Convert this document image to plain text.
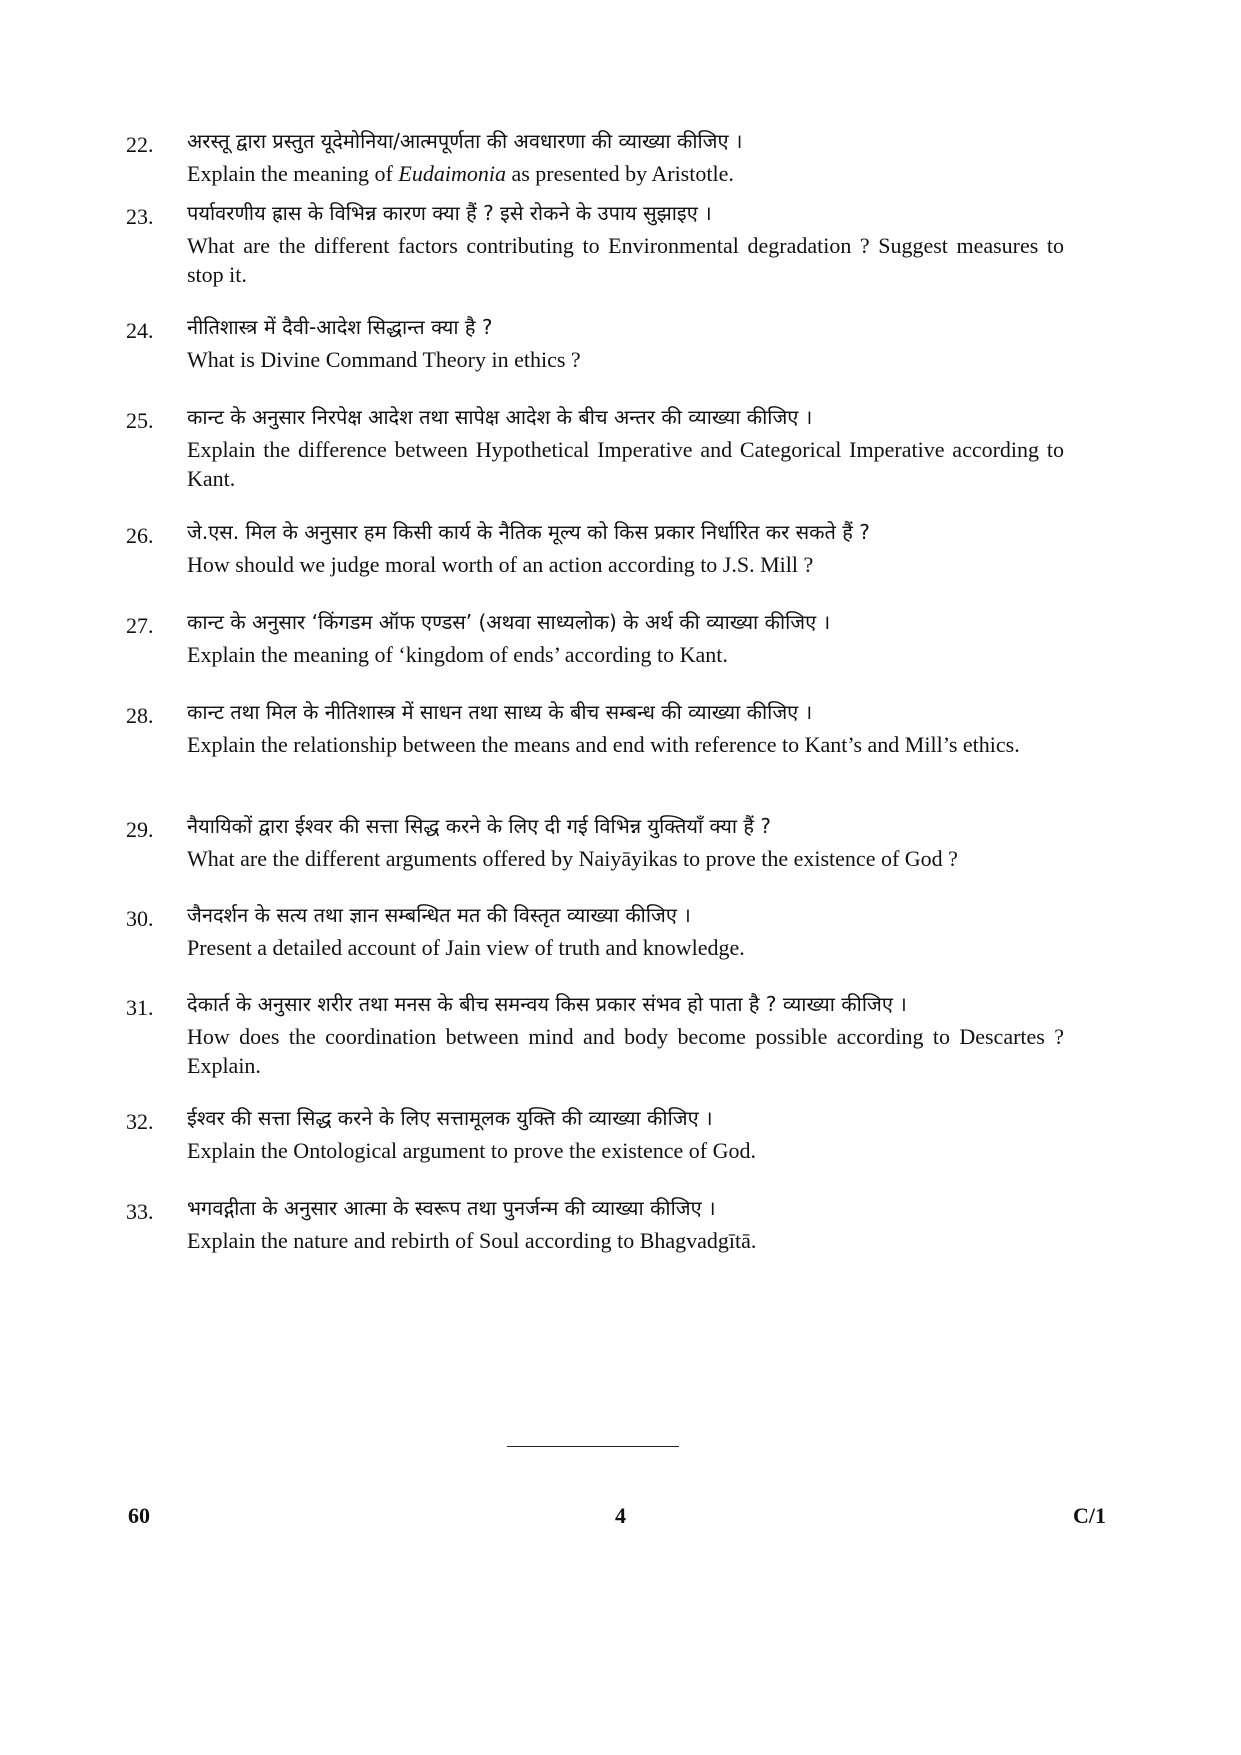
22. अरस्तू द्वारा प्रस्तुत यूदेमोनिया/आत्मपूर्णता की अवधारणा की व्याख्या कीजिए ।
Explain the meaning of Eudaimonia as presented by Aristotle.
23. पर्यावरणीय ह्रास के विभिन्न कारण क्या हैं ? इसे रोकने के उपाय सुझाइए ।
What are the different factors contributing to Environmental degradation ? Suggest measures to stop it.
24. नीतिशास्त्र में दैवी-आदेश सिद्धान्त क्या है ?
What is Divine Command Theory in ethics ?
25. कान्ट के अनुसार निरपेक्ष आदेश तथा सापेक्ष आदेश के बीच अन्तर की व्याख्या कीजिए ।
Explain the difference between Hypothetical Imperative and Categorical Imperative according to Kant.
26. जे.एस. मिल के अनुसार हम किसी कार्य के नैतिक मूल्य को किस प्रकार निर्धारित कर सकते हैं ?
How should we judge moral worth of an action according to J.S. Mill ?
27. कान्ट के अनुसार ‘किंगडम ऑफ एण्डस’ (अथवा साध्यलोक) के अर्थ की व्याख्या कीजिए ।
Explain the meaning of ‘kingdom of ends’ according to Kant.
28. कान्ट तथा मिल के नीतिशास्त्र में साधन तथा साध्य के बीच सम्बन्ध की व्याख्या कीजिए ।
Explain the relationship between the means and end with reference to Kant’s and Mill’s ethics.
29. नैयायिकों द्वारा ईश्वर की सत्ता सिद्ध करने के लिए दी गई विभिन्न युक्तियाँ क्या हैं ?
What are the different arguments offered by Naiyāyikas to prove the existence of God ?
30. जैनदर्शन के सत्य तथा ज्ञान सम्बन्धित मत की विस्तृत व्याख्या कीजिए ।
Present a detailed account of Jain view of truth and knowledge.
31. देकार्त के अनुसार शरीर तथा मनस के बीच समन्वय किस प्रकार संभव हो पाता है ? व्याख्या कीजिए ।
How does the coordination between mind and body become possible according to Descartes ? Explain.
32. ईश्वर की सत्ता सिद्ध करने के लिए सत्तामूलक युक्ति की व्याख्या कीजिए ।
Explain the Ontological argument to prove the existence of God.
33. भगवद्गीता के अनुसार आत्मा के स्वरूप तथा पुनर्जन्म की व्याख्या कीजिए ।
Explain the nature and rebirth of Soul according to Bhagvadgītā.
60	4	C/1
